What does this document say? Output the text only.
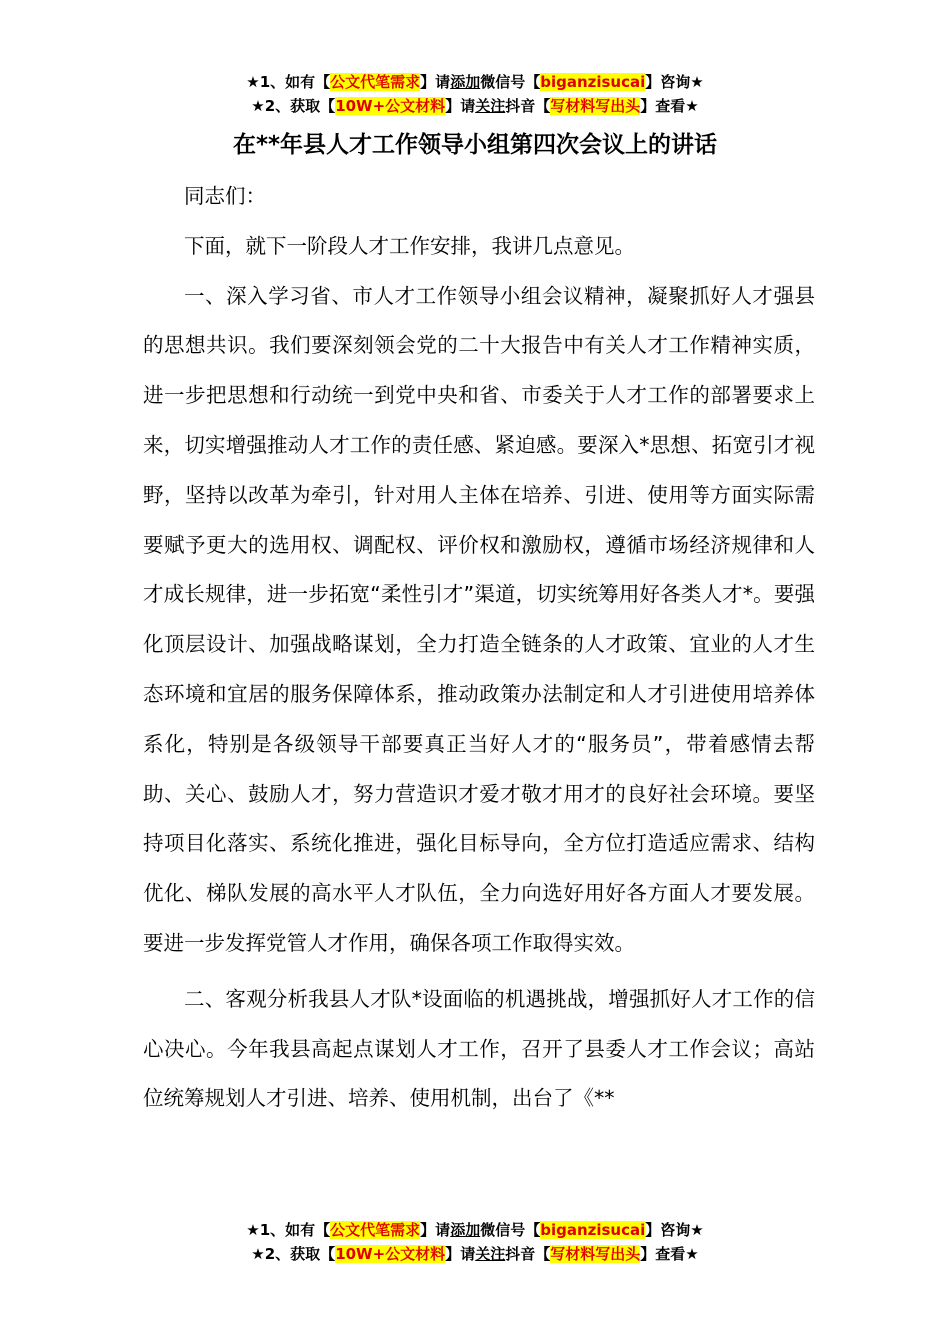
★1、如有【公文代笔需求】请添加微信号【biganzisucai】咨询★
★2、获取【10W+公文材料】请关注抖音【写材料写出头】查看★
在**年县人才工作领导小组第四次会议上的讲话

同志们：

下面，就下一阶段人才工作安排，我讲几点意见。

一、深入学习省、市人才工作领导小组会议精神，凝聚抓好人才强县的思想共识。我们要深刻领会党的二十大报告中有关人才工作精神实质，进一步把思想和行动统一到党中央和省、市委关于人才工作的部署要求上来，切实增强推动人才工作的责任感、紧迫感。要深入*思想、拓宽引才视野，坚持以改革为牵引，针对用人主体在培养、引进、使用等方面实际需要赋予更大的选用权、调配权、评价权和激励权，遵循市场经济规律和人才成长规律，进一步拓宽“柔性引才”渠道，切实统筹用好各类人才*。要强化顶层设计、加强战略谋划，全力打造全链条的人才政策、宜业的人才生态环境和宜居的服务保障体系，推动政策办法制定和人才引进使用培养体系化，特别是各级领导干部要真正当好人才的“服务员”，带着感情去帮助、关心、鼓励人才，努力营造识才爱才敬才用才的良好社会环境。要坚持项目化落实、系统化推进，强化目标导向，全方位打造适应需求、结构优化、梯队发展的高水平人才队伍，全力向选好用好各方面人才要发展。要进一步发挥党管人才作用，确保各项工作取得实效。

二、客观分析我县人才队*设面临的机遇挑战，增强抓好人才工作的信心决心。今年我县高起点谋划人才工作，召开了县委人才工作会议；高站位统筹规划人才引进、培养、使用机制，出台了《**

★1、如有【公文代笔需求】请添加微信号【biganzisucai】咨询★
★2、获取【10W+公文材料】请关注抖音【写材料写出头】查看★
